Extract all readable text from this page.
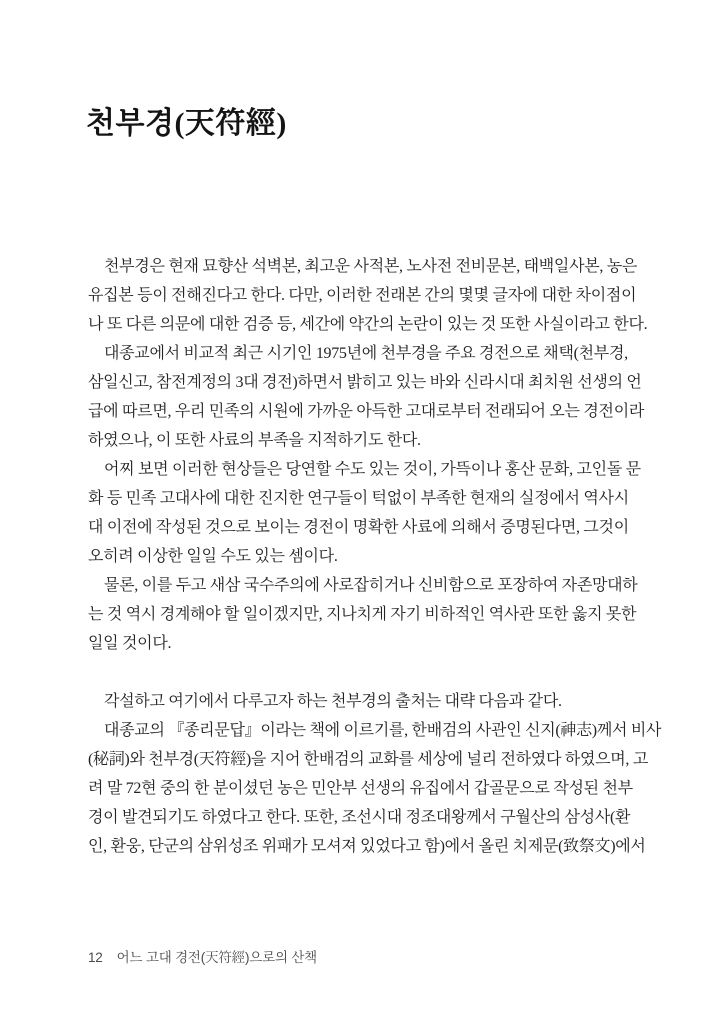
천부경(天符經)
천부경은 현재 묘향산 석벽본, 최고운 사적본, 노사전 전비문본, 태백일사본, 농은
유집본 등이 전해진다고 한다. 다만, 이러한 전래본 간의 몇몇 글자에 대한 차이점이
나 또 다른 의문에 대한 검증 등, 세간에 약간의 논란이 있는 것 또한 사실이라고 한다.
대종교에서 비교적 최근 시기인 1975년에 천부경을 주요 경전으로 채택(천부경,
삼일신고, 참전계정의 3대 경전)하면서 밝히고 있는 바와 신라시대 최치원 선생의 언
급에 따르면, 우리 민족의 시원에 가까운 아득한 고대로부터 전래되어 오는 경전이라
하였으나, 이 또한 사료의 부족을 지적하기도 한다.
어찌 보면 이러한 현상들은 당연할 수도 있는 것이, 가뜩이나 홍산 문화, 고인돌 문
화 등 민족 고대사에 대한 진지한 연구들이 턱없이 부족한 현재의 실정에서 역사시
대 이전에 작성된 것으로 보이는 경전이 명확한 사료에 의해서 증명된다면, 그것이
오히려 이상한 일일 수도 있는 셈이다.
물론, 이를 두고 새삼 국수주의에 사로잡히거나 신비함으로 포장하여 자존망대하
는 것 역시 경계해야 할 일이겠지만, 지나치게 자기 비하적인 역사관 또한 옳지 못한
일일 것이다.
각설하고 여기에서 다루고자 하는 천부경의 출처는 대략 다음과 같다.
대종교의 『종리문답』이라는 책에 이르기를, 한배검의 사관인 신지(神志)께서 비사
(秘詞)와 천부경(天符經)을 지어 한배검의 교화를 세상에 널리 전하였다 하였으며, 고
려 말 72현 중의 한 분이셨던 농은 민안부 선생의 유집에서 갑골문으로 작성된 천부
경이 발견되기도 하였다고 한다. 또한, 조선시대 정조대왕께서 구월산의 삼성사(환
인, 환웅, 단군의 삼위성조 위패가 모셔져 있었다고 함)에서 올린 치제문(致祭文)에서
12 어느 고대 경전(天符經)으로의 산책
